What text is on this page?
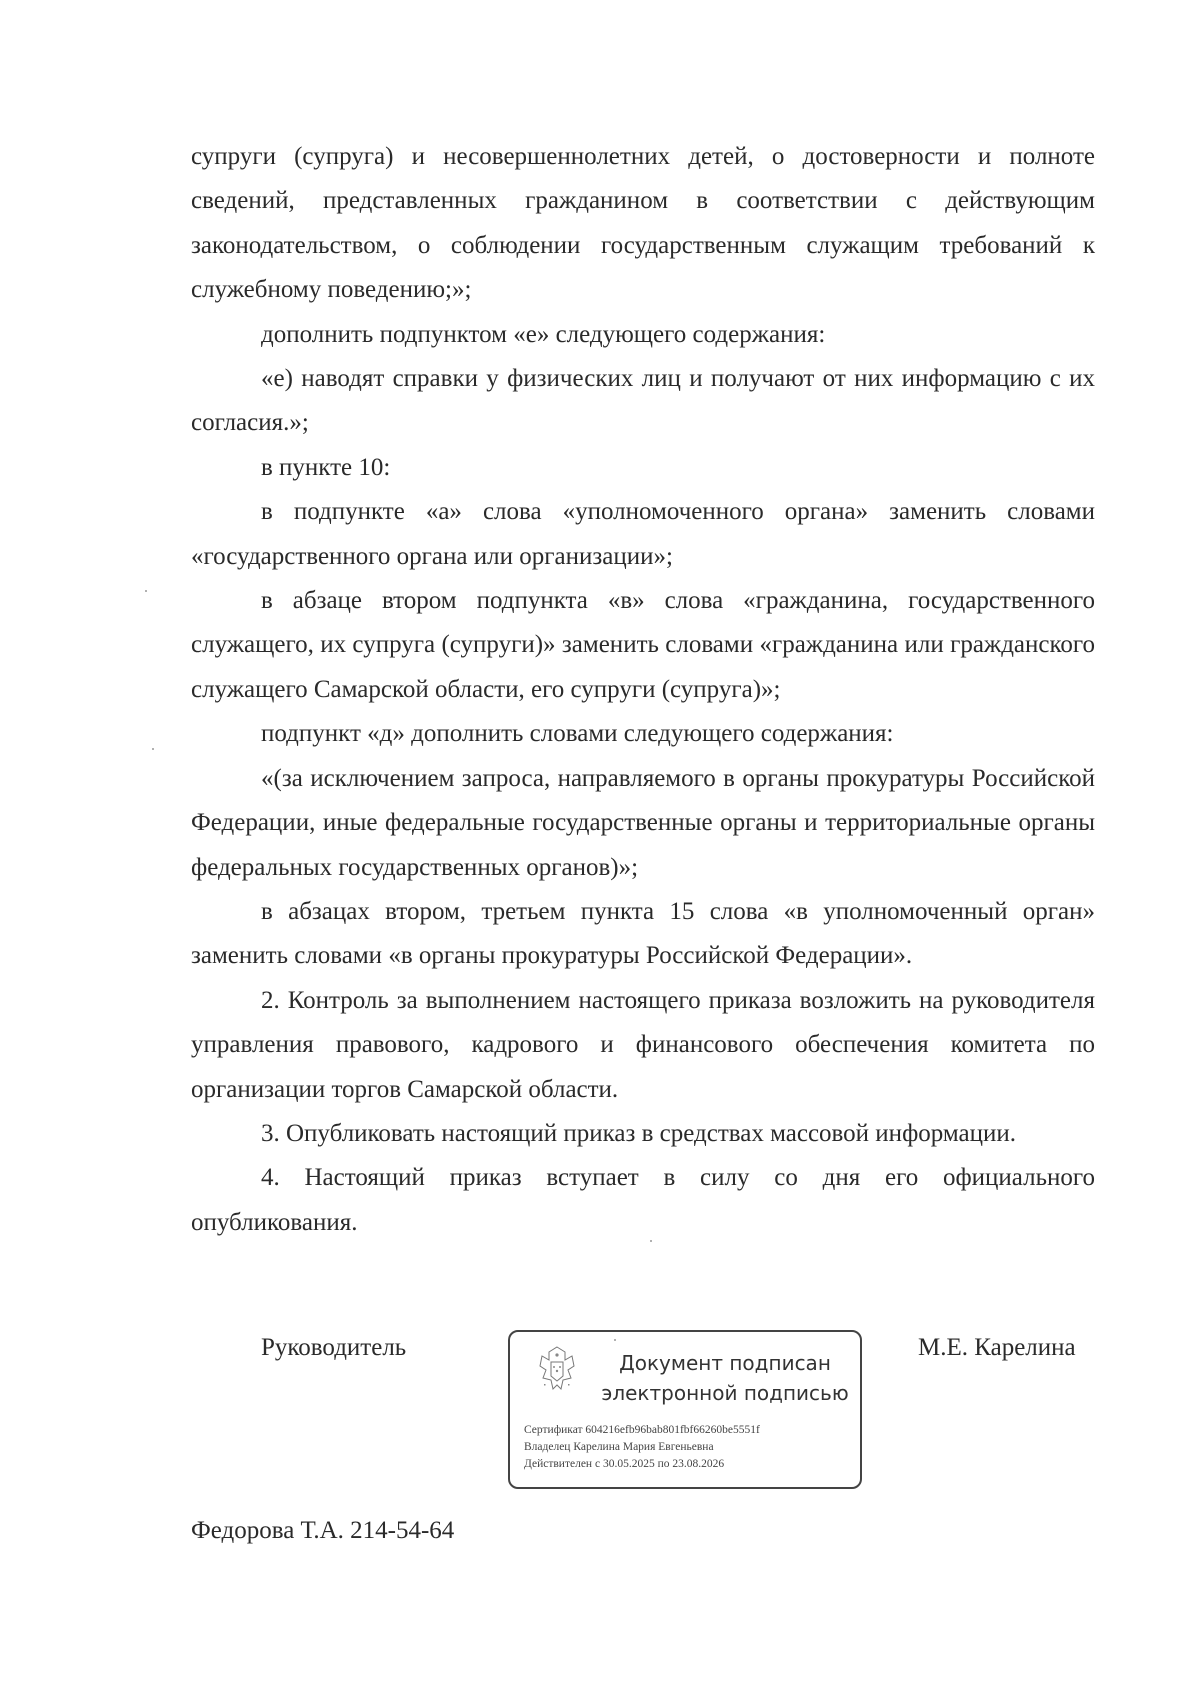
супруги (супруга) и несовершеннолетних детей, о достоверности и полноте сведений, представленных гражданином в соответствии с действующим законодательством, о соблюдении государственным служащим требований к служебному поведению;»;

дополнить подпунктом «е» следующего содержания:

«е) наводят справки у физических лиц и получают от них информацию с их согласия.»;

в пункте 10:

в подпункте «а» слова «уполномоченного органа» заменить словами «государственного органа или организации»;

в абзаце втором подпункта «в» слова «гражданина, государственного служащего, их супруга (супруги)» заменить словами «гражданина или гражданского служащего Самарской области, его супруги (супруга)»;

подпункт «д» дополнить словами следующего содержания:

«(за исключением запроса, направляемого в органы прокуратуры Российской Федерации, иные федеральные государственные органы и территориальные органы федеральных государственных органов)»;

в абзацах втором, третьем пункта 15 слова «в уполномоченный орган» заменить словами «в органы прокуратуры Российской Федерации».

2. Контроль за выполнением настоящего приказа возложить на руководителя управления правового, кадрового и финансового обеспечения комитета по организации торгов Самарской области.

3. Опубликовать настоящий приказ в средствах массовой информации.

4. Настоящий приказ вступает в силу со дня его официального опубликования.

Руководитель
Документ подписан
электронной подписью
Сертификат 604216efb96bab801fbf66260be5551f
Владелец Карелина Мария Евгеньевна
Действителен с 30.05.2025 по 23.08.2026
М.Е. Карелина
Федорова Т.А. 214-54-64
